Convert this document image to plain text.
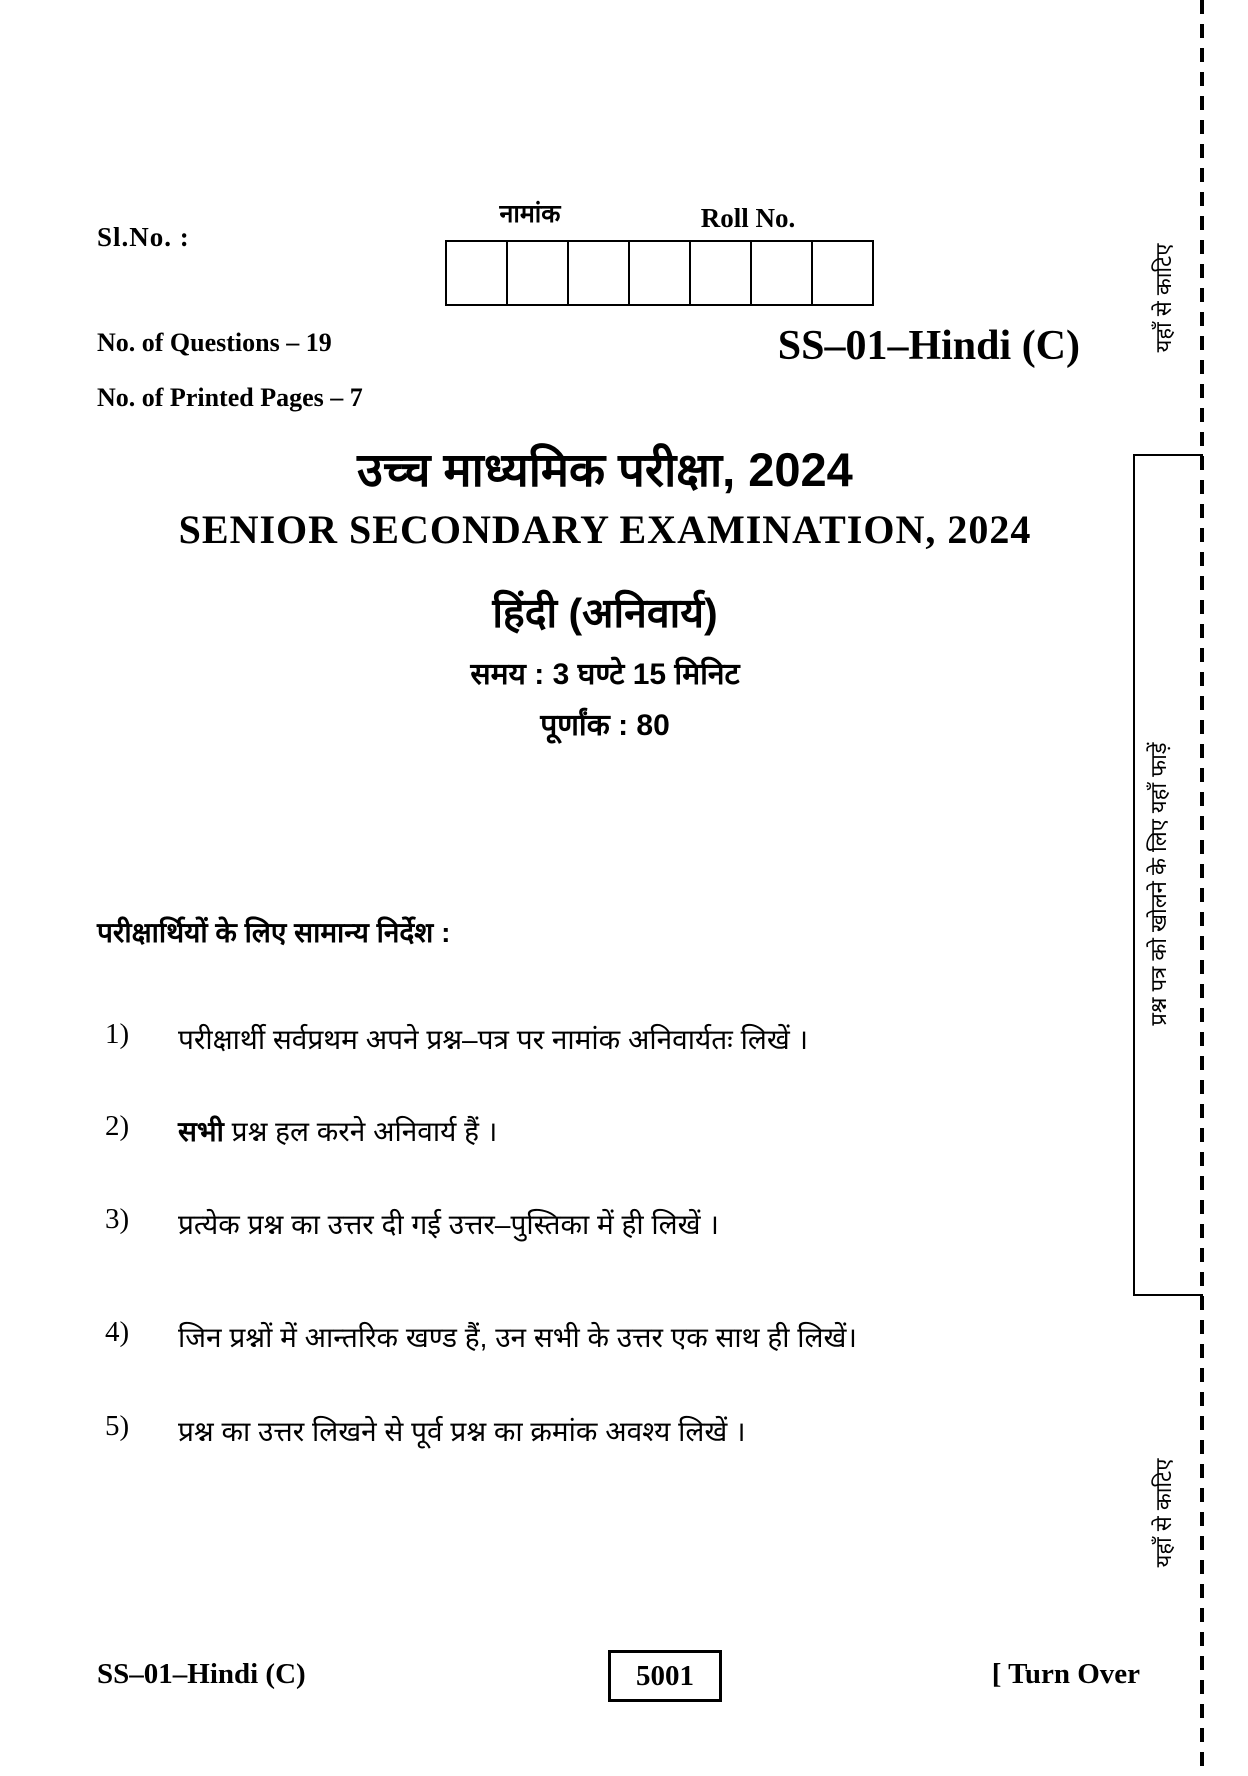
Sl.No. :
नामांक	Roll No.
No. of Questions – 19
No. of Printed Pages – 7
SS–01–Hindi (C)
उच्च माध्यमिक परीक्षा, 2024
SENIOR SECONDARY EXAMINATION, 2024
हिंदी (अनिवार्य)
समय : 3 घण्टे 15 मिनिट
पूर्णांक : 80
परीक्षार्थियों के लिए सामान्य निर्देश :
1) परीक्षार्थी सर्वप्रथम अपने प्रश्न–पत्र पर नामांक अनिवार्यतः लिखें ।
2) सभी प्रश्न हल करने अनिवार्य हैं ।
3) प्रत्येक प्रश्न का उत्तर दी गई उत्तर–पुस्तिका में ही लिखें ।
4) जिन प्रश्नों में आन्तरिक खण्ड हैं, उन सभी के उत्तर एक साथ ही लिखें।
5) प्रश्न का उत्तर लिखने से पूर्व प्रश्न का क्रमांक अवश्य लिखें ।
SS–01–Hindi (C)	5001	[ Turn Over
यहाँ से काटिए
प्रश्न पत्र को खोलने के लिए यहाँ फाड़ें
यहाँ से काटिए
